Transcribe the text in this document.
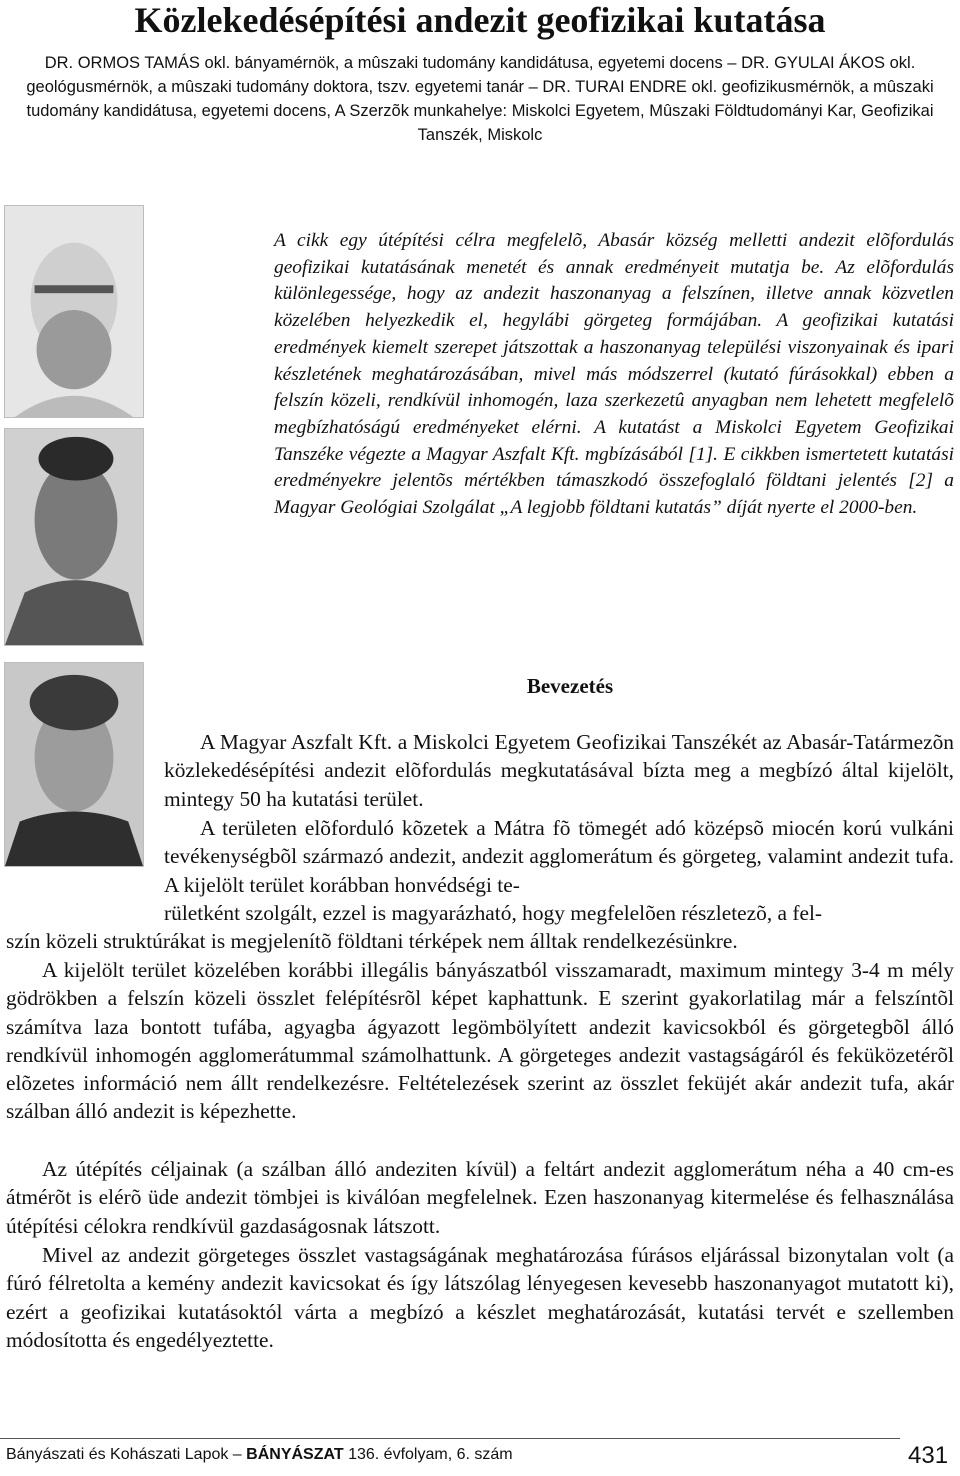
Közlekedésépítési andezit geofizikai kutatása
DR. ORMOS TAMÁS okl. bányamérnök, a mûszaki tudomány kandidátusa, egyetemi docens – DR. GYULAI ÁKOS okl. geológusmérnök, a mûszaki tudomány doktora, tszv. egyetemi tanár – DR. TURAI ENDRE okl. geofizikusmérnök, a mûszaki tudomány kandidátusa, egyetemi docens, A Szerzõk munkahelye: Miskolci Egyetem, Mûszaki Földtudományi Kar, Geofizikai Tanszék, Miskolc

A cikk egy útépítési célra megfelelõ, Abasár község melletti andezit elõfordulás geofizikai kutatásának menetét és annak eredményeit mutatja be. Az elõfordulás különlegessége, hogy az andezit haszonanyag a felszínen, illetve annak közvetlen közelében helyezkedik el, hegylábi görgeteg formájában. A geofizikai kutatási eredmények kiemelt szerepet játszottak a haszonanyag települési viszonyainak és ipari készletének meghatározásában, mivel más módszerrel (kutató fúrásokkal) ebben a felszín közeli, rendkívül inhomogén, laza szerkezetû anyagban nem lehetett megfelelõ megbízhatóságú eredményeket elérni. A kutatást a Miskolci Egyetem Geofizikai Tanszéke végezte a Magyar Aszfalt Kft. mgbízásából [1]. E cikkben ismertetett kutatási eredményekre jelentõs mértékben támaszkodó összefoglaló földtani jelentés [2] a Magyar Geológiai Szolgálat „A legjobb földtani kutatás” díját nyerte el 2000-ben.

Bevezetés

A Magyar Aszfalt Kft. a Miskolci Egyetem Geofizikai Tanszékét az Abasár-Tatármezõn közlekedésépítési andezit elõfordulás megkutatásával bízta meg a megbízó által kijelölt, mintegy 50 ha kutatási terület.

A területen elõforduló kõzetek a Mátra fõ tömegét adó középsõ miocén korú vulkáni tevékenységbõl származó andezit, andezit agglomerátum és görgeteg, valamint andezit tufa. A kijelölt terület korábban honvédségi te-

rületként szolgált, ezzel is magyarázható, hogy megfelelõen részletezõ, a fel-

szín közeli struktúrákat is megjelenítõ földtani térképek nem álltak rendelkezésünkre.

A kijelölt terület közelében korábbi illegális bányászatból visszamaradt, maximum mintegy 3-4 m mély gödrökben a felszín közeli összlet felépítésrõl képet kaphattunk. E szerint gyakorlatilag már a felszíntõl számítva laza bontott tufába, agyagba ágyazott legömbölyített andezit kavicsokból és görgetegbõl álló rendkívül inhomogén agglomerátummal számolhattunk. A görgeteges andezit vastagságáról és feküközetérõl elõzetes információ nem állt rendelkezésre. Feltételezések szerint az összlet feküjét akár andezit tufa, akár szálban álló andezit is képezhette.

Az útépítés céljainak (a szálban álló andeziten kívül) a feltárt andezit agglomerátum néha a 40 cm-es átmérõt is elérõ üde andezit tömbjei is kiválóan megfelelnek. Ezen haszonanyag kitermelése és felhasználása útépítési célokra rendkívül gazdaságosnak látszott.

Mivel az andezit görgeteges összlet vastagságának meghatározása fúrásos eljárással bizonytalan volt (a fúró félretolta a kemény andezit kavicsokat és így látszólag lényegesen kevesebb haszonanyagot mutatott ki), ezért a geofizikai kutatásoktól várta a megbízó a készlet meghatározását, kutatási tervét e szellemben módosította és engedélyeztette.

Bányászati és Kohászati Lapok – BÁNYÁSZAT 136. évfolyam, 6. szám	431
